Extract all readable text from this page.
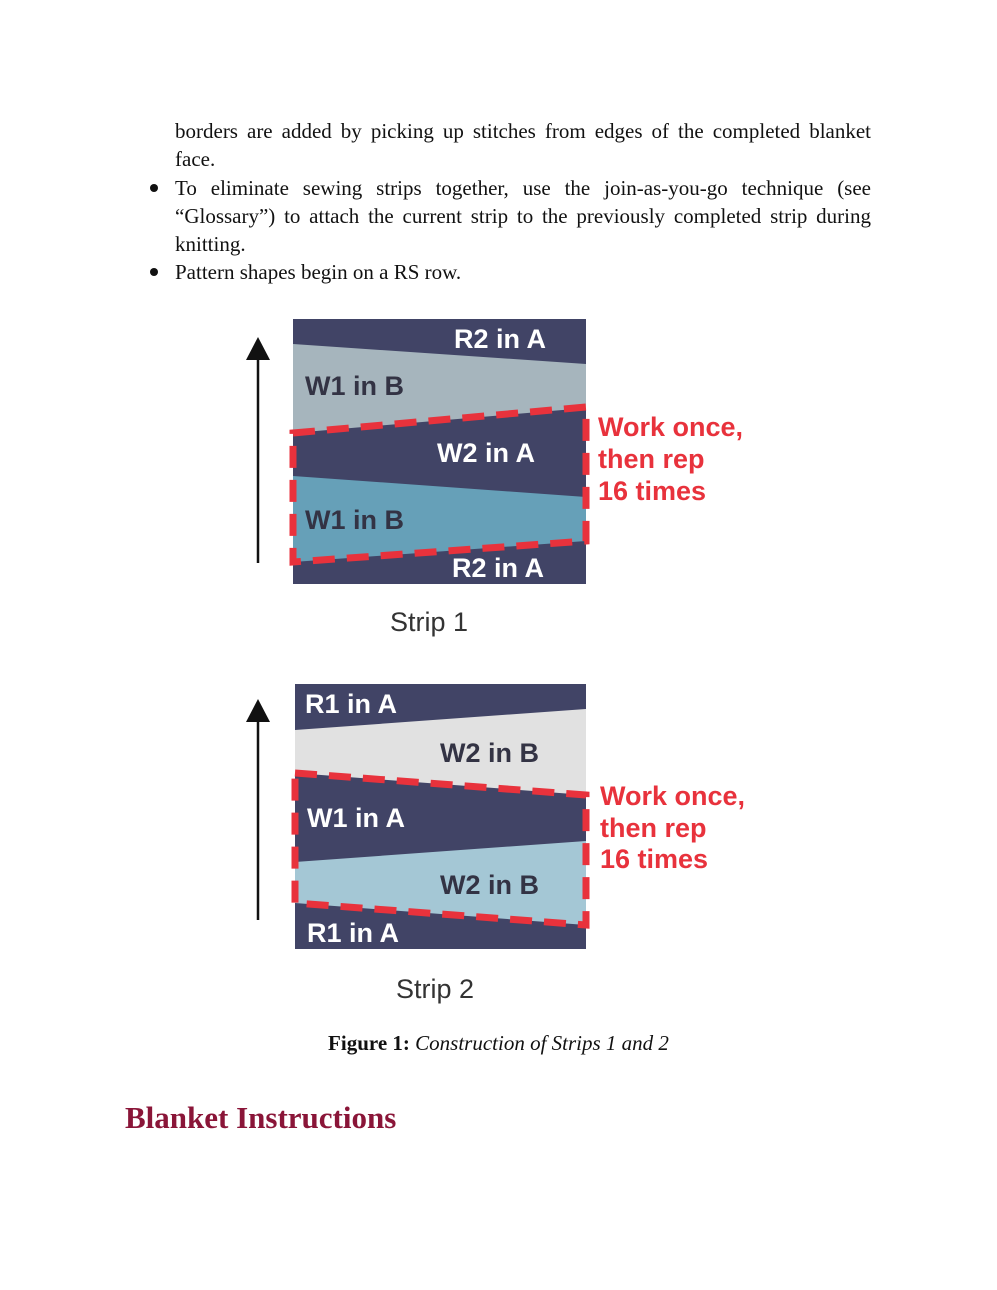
borders are added by picking up stitches from edges of the completed blanket face.
To eliminate sewing strips together, use the join-as-you-go technique (see “Glossary”) to attach the current strip to the previously completed strip during knitting.
Pattern shapes begin on a RS row.
R2 in A
W1 in B
W2 in A
W1 in B
R2 in A
Work once,
then rep
16 times
Strip 1
R1 in A
W2 in B
W1 in A
W2 in B
R1 in A
Work once,
then rep
16 times
Strip 2
Figure 1: Construction of Strips 1 and 2
Blanket Instructions
